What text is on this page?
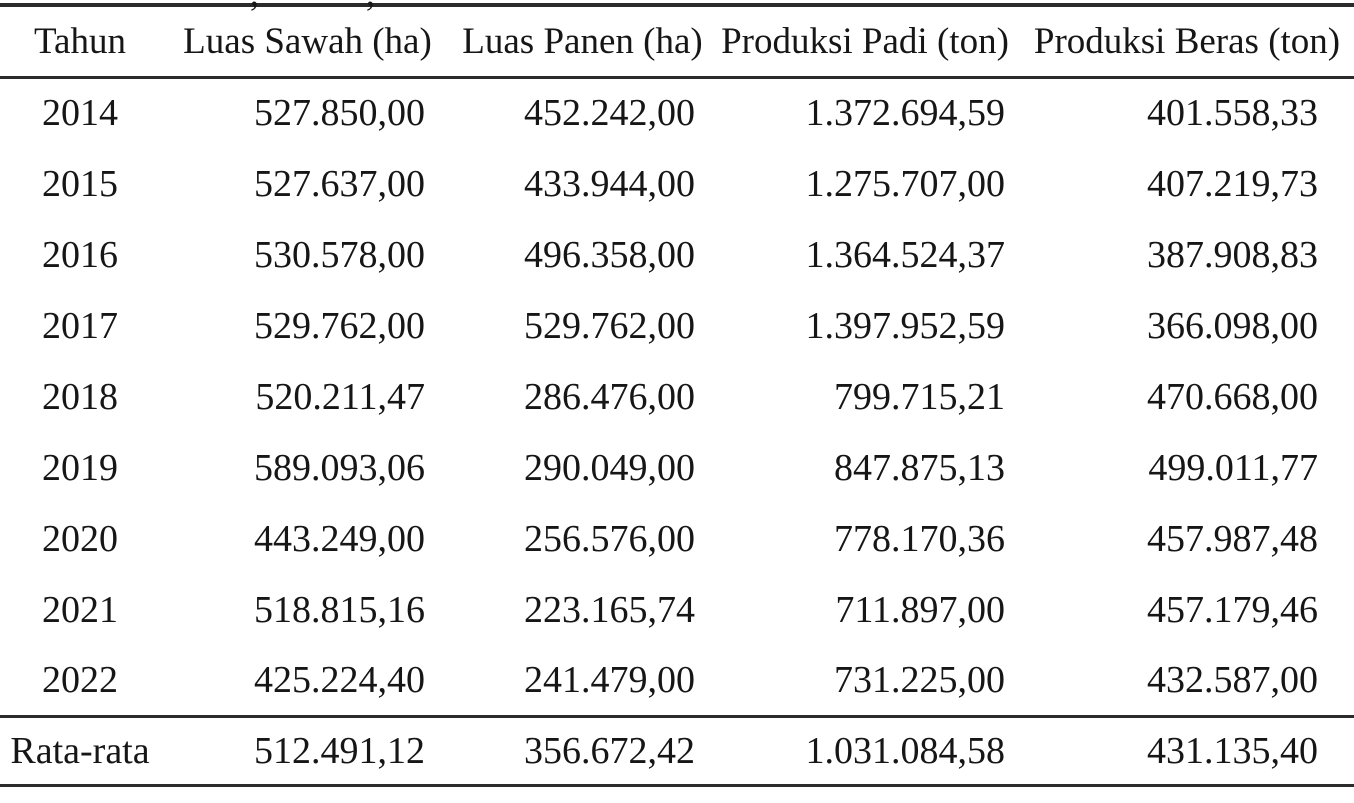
Tahun	Luas Sawah (ha)	Luas Panen (ha)	Produksi Padi (ton)	Produksi Beras (ton)
2014	527.850,00	452.242,00	1.372.694,59	401.558,33
2015	527.637,00	433.944,00	1.275.707,00	407.219,73
2016	530.578,00	496.358,00	1.364.524,37	387.908,83
2017	529.762,00	529.762,00	1.397.952,59	366.098,00
2018	520.211,47	286.476,00	799.715,21	470.668,00
2019	589.093,06	290.049,00	847.875,13	499.011,77
2020	443.249,00	256.576,00	778.170,36	457.987,48
2021	518.815,16	223.165,74	711.897,00	457.179,46
2022	425.224,40	241.479,00	731.225,00	432.587,00
Rata-rata	512.491,12	356.672,42	1.031.084,58	431.135,40
